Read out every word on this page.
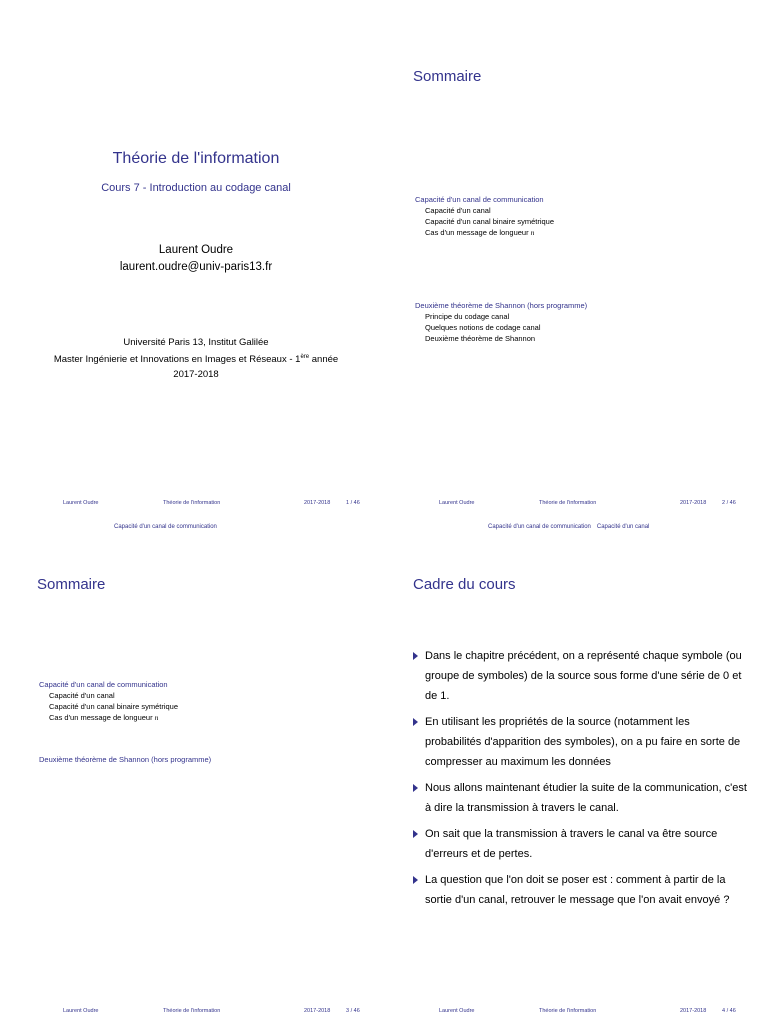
Théorie de l'information
Cours 7 - Introduction au codage canal
Laurent Oudre
laurent.oudre@univ-paris13.fr
Université Paris 13, Institut Galilée
Master Ingénierie et Innovations en Images et Réseaux - 1ère année
2017-2018
Laurent Oudre	Théorie de l'information	2017-2018	1 / 46
Sommaire
Capacité d'un canal de communication
Capacité d'un canal
Capacité d'un canal binaire symétrique
Cas d'un message de longueur n
Deuxième théorème de Shannon (hors programme)
Principe du codage canal
Quelques notions de codage canal
Deuxième théorème de Shannon
Laurent Oudre	Théorie de l'information	2017-2018	2 / 46
Capacité d'un canal de communication
Sommaire
Capacité d'un canal de communication
Capacité d'un canal
Capacité d'un canal binaire symétrique
Cas d'un message de longueur n
Deuxième théorème de Shannon (hors programme)
Laurent Oudre	Théorie de l'information	2017-2018	3 / 46
Capacité d'un canal de communication Capacité d'un canal
Cadre du cours
Dans le chapitre précédent, on a représenté chaque symbole (ou groupe de symboles) de la source sous forme d'une série de 0 et de 1.
En utilisant les propriétés de la source (notamment les probabilités d'apparition des symboles), on a pu faire en sorte de compresser au maximum les données
Nous allons maintenant étudier la suite de la communication, c'est à dire la transmission à travers le canal.
On sait que la transmission à travers le canal va être source d'erreurs et de pertes.
La question que l'on doit se poser est : comment à partir de la sortie d'un canal, retrouver le message que l'on avait envoyé ?
Laurent Oudre	Théorie de l'information	2017-2018	4 / 46
